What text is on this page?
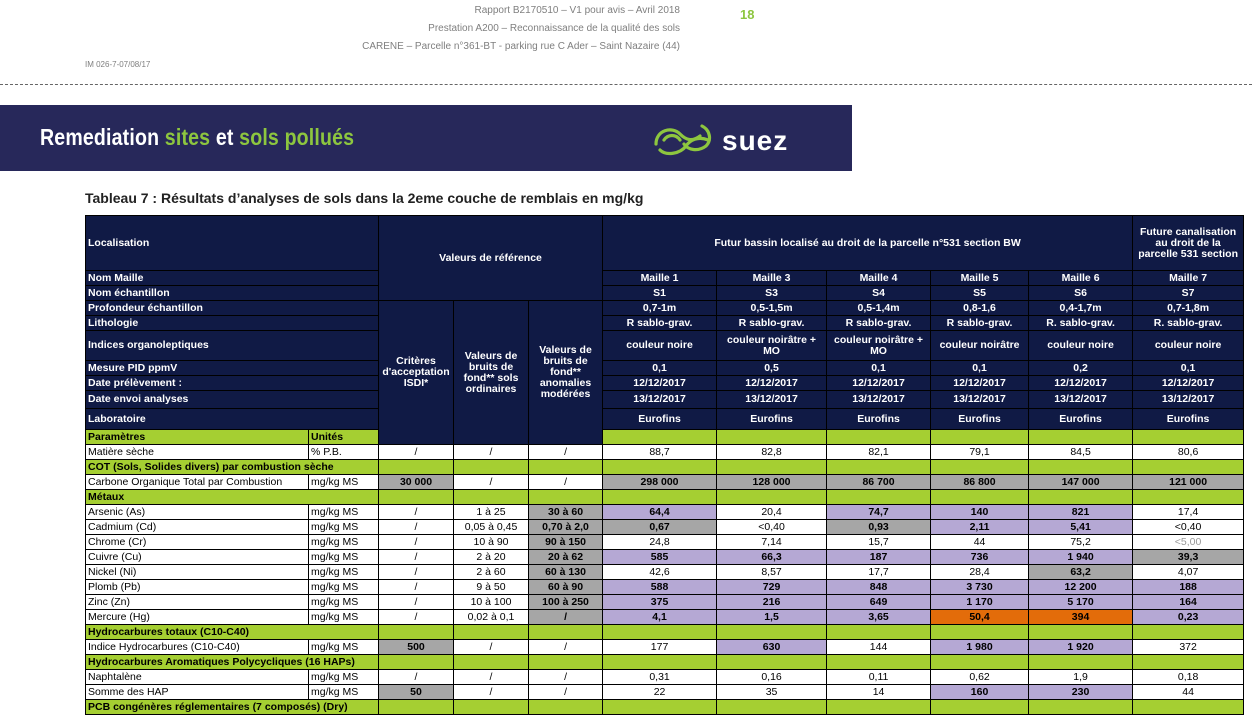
Rapport B2170510 – V1 pour avis – Avril 2018
Prestation A200 – Reconnaissance de la qualité des sols
CARENE – Parcelle n°361-BT - parking rue C Ader – Saint Nazaire (44)
18
IM 026-7-07/08/17
Remediation sites et sols pollués	suez
Tableau 7 : Résultats d’analyses de sols dans la 2eme couche de remblais en mg/kg
Localisation		Valeurs de référence			Futur bassin localisé au droit de la parcelle n°531 section BW					Future canalisation au droit de la parcelle 531 section	
Nom Maille					Maille 1	Maille 3	Maille 4	Maille 5	Maille 6	Maille 7	
Nom échantillon					S1	S3	S4	S5	S6	S7	
Profondeur échantillon		Critères d'acceptation ISDI*	Valeurs de bruits de fond** sols ordinaires	Valeurs de bruits de fond** anomalies modérées	0,7-1m	0,5-1,5m	0,5-1,4m	0,8-1,6	0,4-1,7m	0,7-1,8m	
Lithologie					R sablo-grav.	R sablo-grav.	R sablo-grav.	R sablo-grav.	R. sablo-grav.	R. sablo-grav.	
Indices organoleptiques					couleur noire	couleur noirâtre + MO	couleur noirâtre + MO	couleur noirâtre	couleur noire	couleur noire	
Mesure PID ppmV					0,1	0,5	0,1	0,1	0,2	0,1	
Date prélèvement :					12/12/2017	12/12/2017	12/12/2017	12/12/2017	12/12/2017	12/12/2017	
Date envoi analyses					13/12/2017	13/12/2017	13/12/2017	13/12/2017	13/12/2017	13/12/2017	
Laboratoire					Eurofins	Eurofins	Eurofins	Eurofins	Eurofins	Eurofins	
Paramètres	Unités										
Matière sèche	% P.B.	/	/	/	88,7	82,8	82,1	79,1	84,5	80,6	
COT (Sols, Solides divers) par combustion sèche											
Carbone Organique Total par Combustion	mg/kg MS	30 000	/	/	298 000	128 000	86 700	86 800	147 000	121 000	
Métaux											
Arsenic (As)	mg/kg MS	/	1 à 25	30 à 60	64,4	20,4	74,7	140	821	17,4	
Cadmium (Cd)	mg/kg MS	/	0,05 à 0,45	0,70 à 2,0	0,67	<0,40	0,93	2,11	5,41	<0,40	
Chrome (Cr)	mg/kg MS	/	10 à 90	90 à 150	24,8	7,14	15,7	44	75,2	<5,00	
Cuivre (Cu)	mg/kg MS	/	2 à 20	20 à 62	585	66,3	187	736	1 940	39,3	
Nickel (Ni)	mg/kg MS	/	2 à 60	60 à 130	42,6	8,57	17,7	28,4	63,2	4,07	
Plomb (Pb)	mg/kg MS	/	9 à 50	60 à 90	588	729	848	3 730	12 200	188	
Zinc (Zn)	mg/kg MS	/	10 à 100	100 à 250	375	216	649	1 170	5 170	164	
Mercure (Hg)	mg/kg MS	/	0,02 à 0,1	/	4,1	1,5	3,65	50,4	394	0,23	
Hydrocarbures totaux (C10-C40)											
Indice Hydrocarbures (C10-C40)	mg/kg MS	500	/	/	177	630	144	1 980	1 920	372	
Hydrocarbures Aromatiques Polycycliques (16 HAPs)											
Naphtalène	mg/kg MS	/	/	/	0,31	0,16	0,11	0,62	1,9	0,18	
Somme des HAP	mg/kg MS	50	/	/	22	35	14	160	230	44	
PCB congénères réglementaires (7 composés) (Dry)											
